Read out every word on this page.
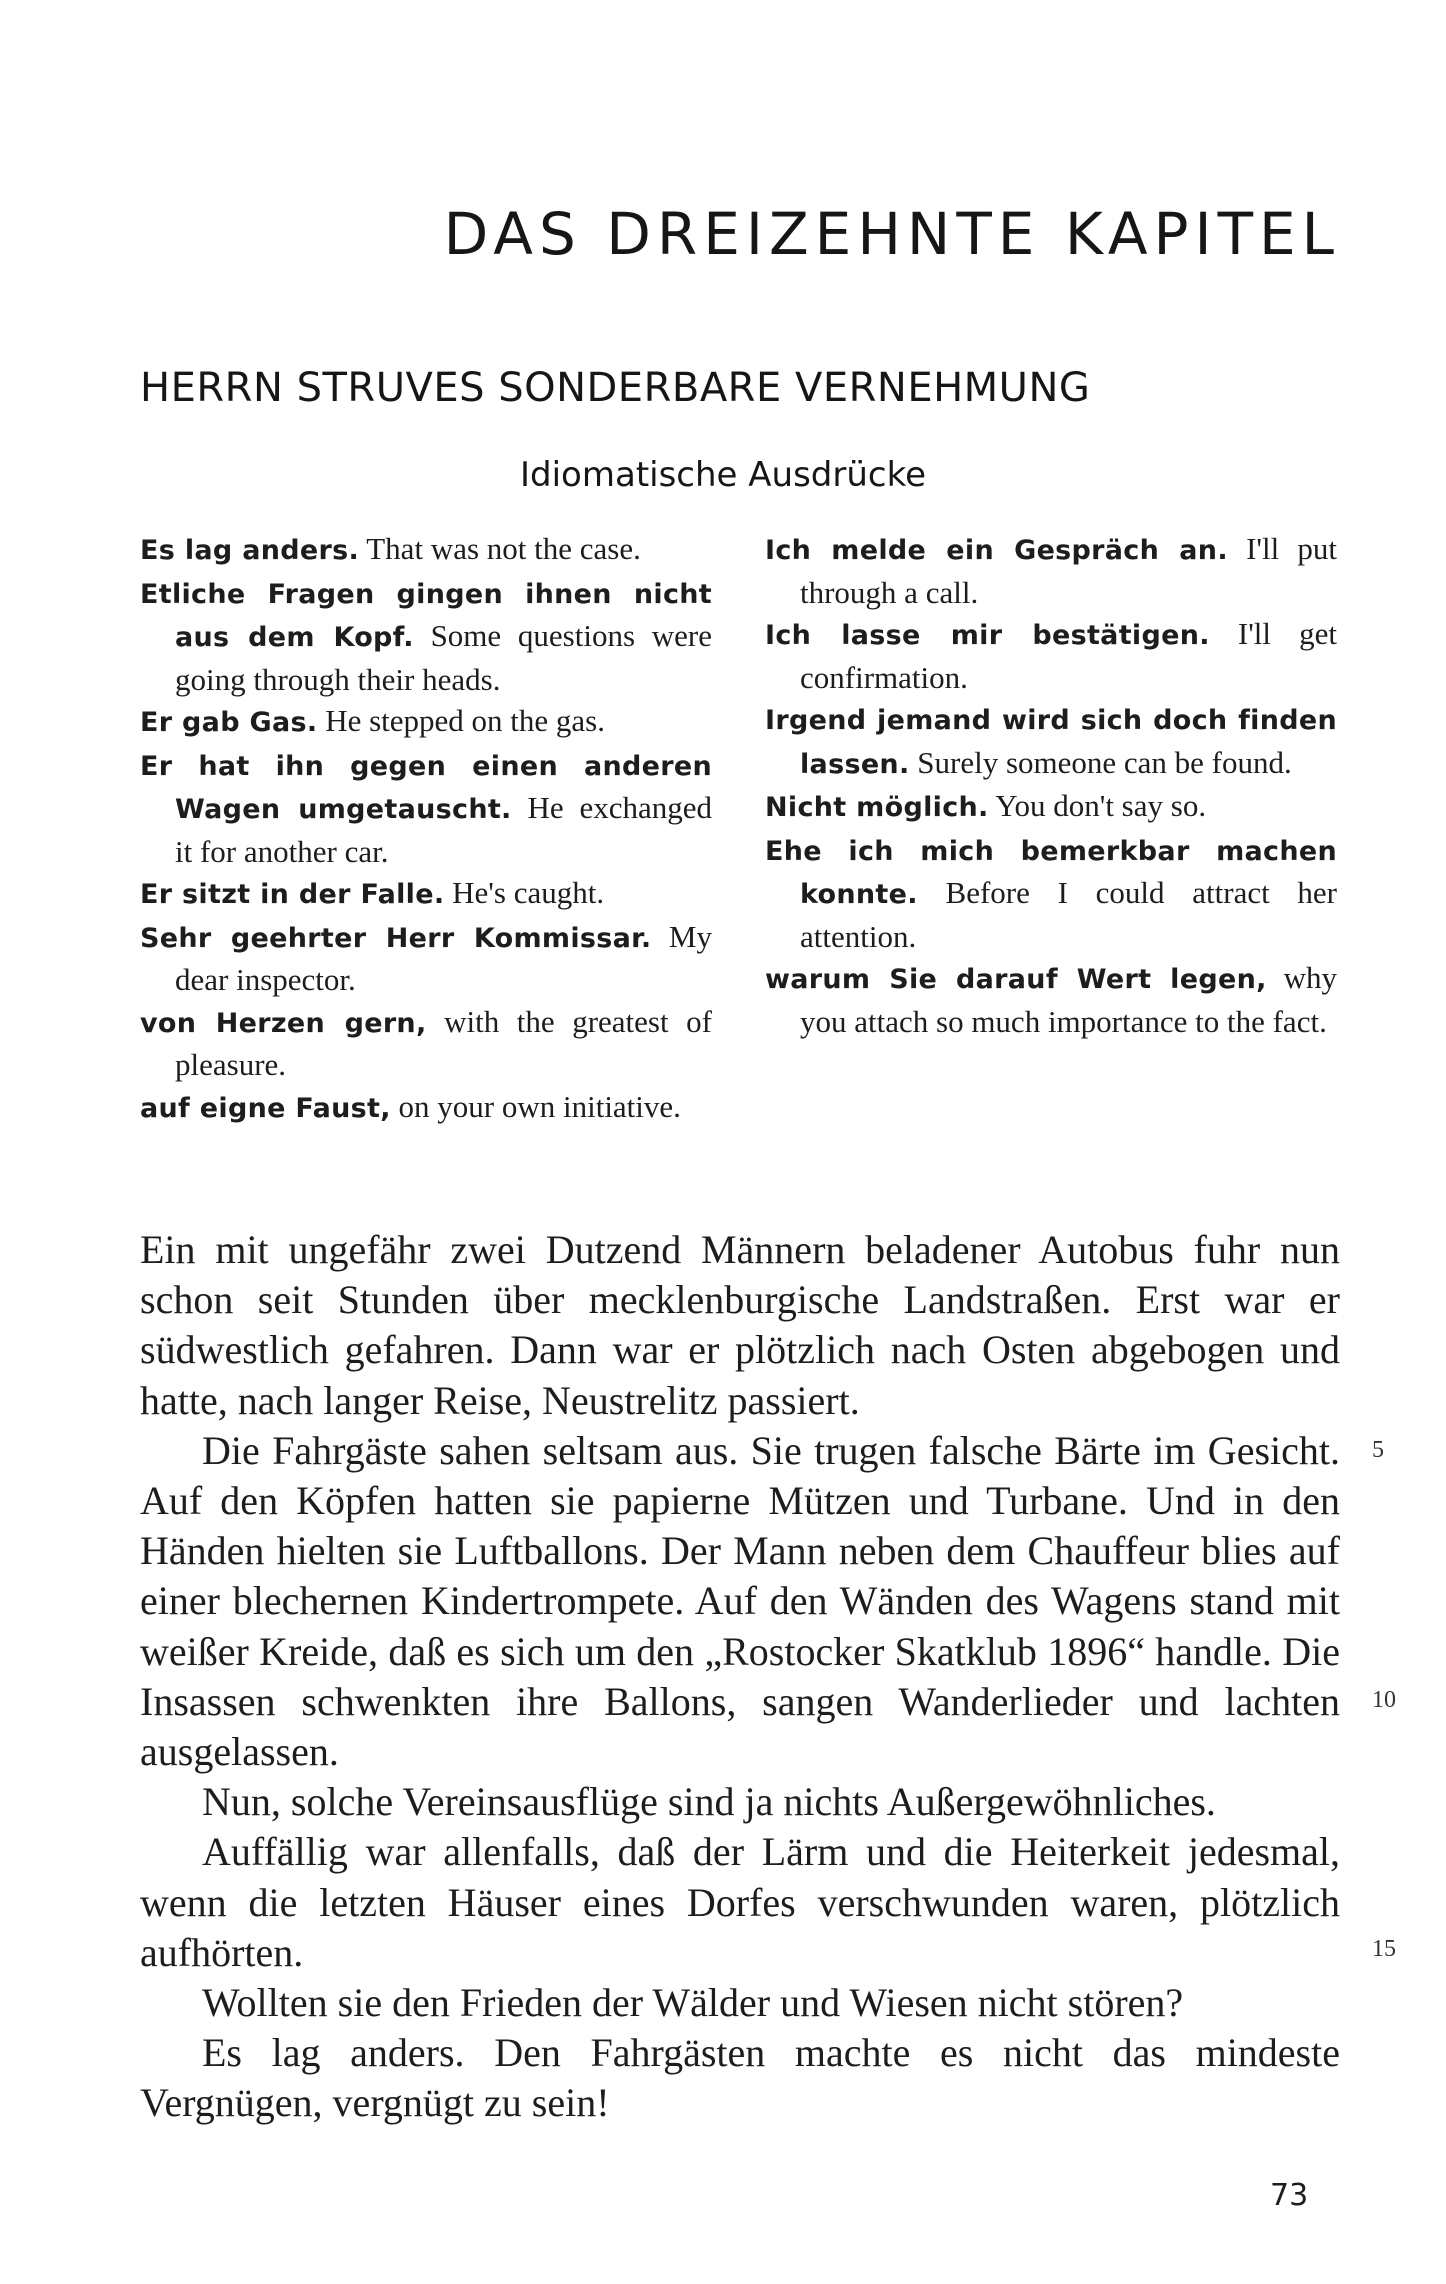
DAS DREIZEHNTE KAPITEL
HERRN STRUVES SONDERBARE VERNEHMUNG
Idiomatische Ausdrücke
Es lag anders. That was not the case.
Etliche Fragen gingen ihnen nicht aus dem Kopf. Some questions were going through their heads.
Er gab Gas. He stepped on the gas.
Er hat ihn gegen einen anderen Wagen umgetauscht. He exchanged it for another car.
Er sitzt in der Falle. He's caught.
Sehr geehrter Herr Kommissar. My dear inspector.
von Herzen gern, with the greatest of pleasure.
auf eigne Faust, on your own initiative.
Ich melde ein Gespräch an. I'll put through a call.
Ich lasse mir bestätigen. I'll get confirmation.
Irgend jemand wird sich doch finden lassen. Surely someone can be found.
Nicht möglich. You don't say so.
Ehe ich mich bemerkbar machen konnte. Before I could attract her attention.
warum Sie darauf Wert legen, why you attach so much importance to the fact.

Ein mit ungefähr zwei Dutzend Männern beladener Autobus fuhr nun schon seit Stunden über mecklenburgische Landstraßen. Erst war er südwestlich gefahren. Dann war er plötzlich nach Osten abgebogen und hatte, nach langer Reise, Neustrelitz passiert.

Die Fahrgäste sahen seltsam aus. Sie trugen falsche Bärte im Gesicht. Auf den Köpfen hatten sie papierne Mützen und Turbane. Und in den Händen hielten sie Luftballons. Der Mann neben dem Chauffeur blies auf einer blechernen Kindertrompete. Auf den Wänden des Wagens stand mit weißer Kreide, daß es sich um den „Rostocker Skatklub 1896“ handle. Die Insassen schwenkten ihre Ballons, sangen Wanderlieder und lachten ausgelassen.

Nun, solche Vereinsausflüge sind ja nichts Außergewöhnliches.

Auffällig war allenfalls, daß der Lärm und die Heiterkeit jedesmal, wenn die letzten Häuser eines Dorfes verschwunden waren, plötzlich aufhörten.

Wollten sie den Frieden der Wälder und Wiesen nicht stören?

Es lag anders. Den Fahrgästen machte es nicht das mindeste Vergnügen, vergnügt zu sein!

5
10
15
73
